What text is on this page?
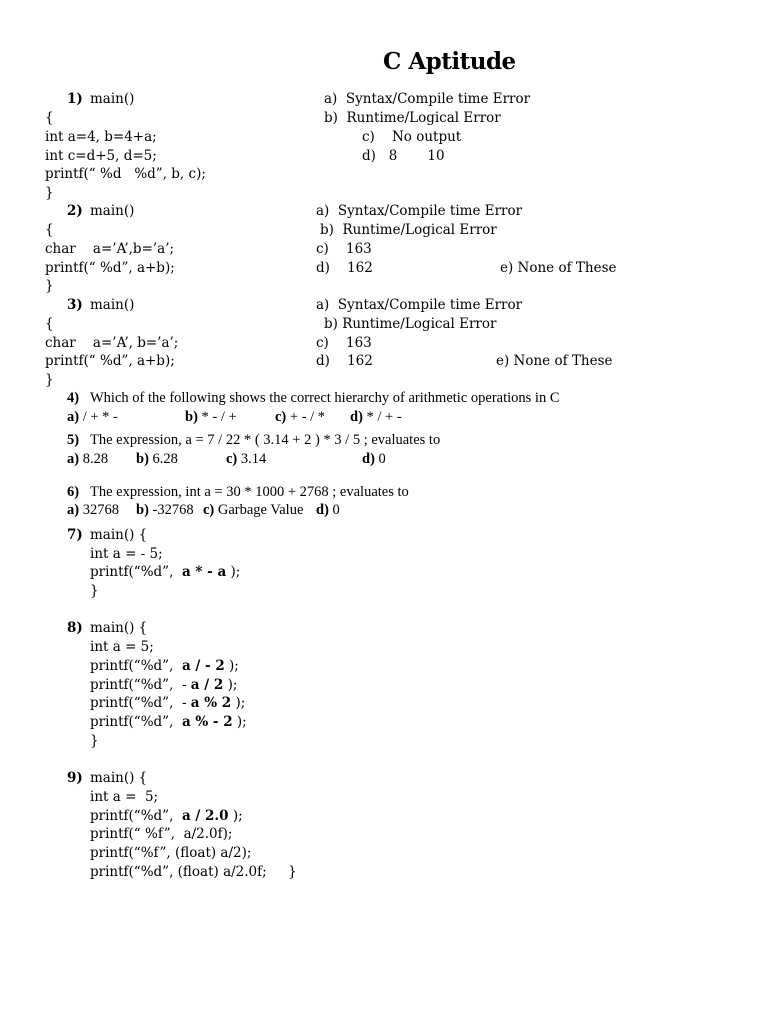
C Aptitude
1) main()
{
int a=4, b=4+a;
int c=d+5, d=5;
printf(“ %d   %d”, b, c);
}
a)  Syntax/Compile time Error
b)  Runtime/Logical Error
c)    No output
d)   8       10
2) main()
{
char    a=’A’,b=’a’;
printf(“ %d”, a+b);
}
a)  Syntax/Compile time Error
b)  Runtime/Logical Error
c)    163
d)    162	e) None of These
3) main()
{
char    a=’A’, b=’a’;
printf(“ %d”, a+b);
}
a)  Syntax/Compile time Error
b) Runtime/Logical Error
c)    163
d)    162	e) None of These
4) Which of the following shows the correct hierarchy of arithmetic operations in C
a) / + * -	b) * - / +	c) + - / * d) * / + -
5) The expression, a = 7 / 22 * ( 3.14 + 2 ) * 3 / 5 ; evaluates to
a) 8.28 b) 6.28	c) 3.14	d) 0
6) The expression, int a = 30 * 1000 + 2768 ; evaluates to
a) 32768 b) -32768 c) Garbage Value d) 0
7) main() {
int a = - 5;
printf(“%d”,  a * - a );
}
8) main() {
int a = 5;
printf(“%d”,  a / - 2 );
printf(“%d”,  - a / 2 );
printf(“%d”,  - a % 2 );
printf(“%d”,  a % - 2 );
}
9) main() {
int a =  5;
printf(“%d”,  a / 2.0 );
printf(“ %f”,  a/2.0f);
printf(“%f”, (float) a/2);
printf(“%d”, (float) a/2.0f;     }
